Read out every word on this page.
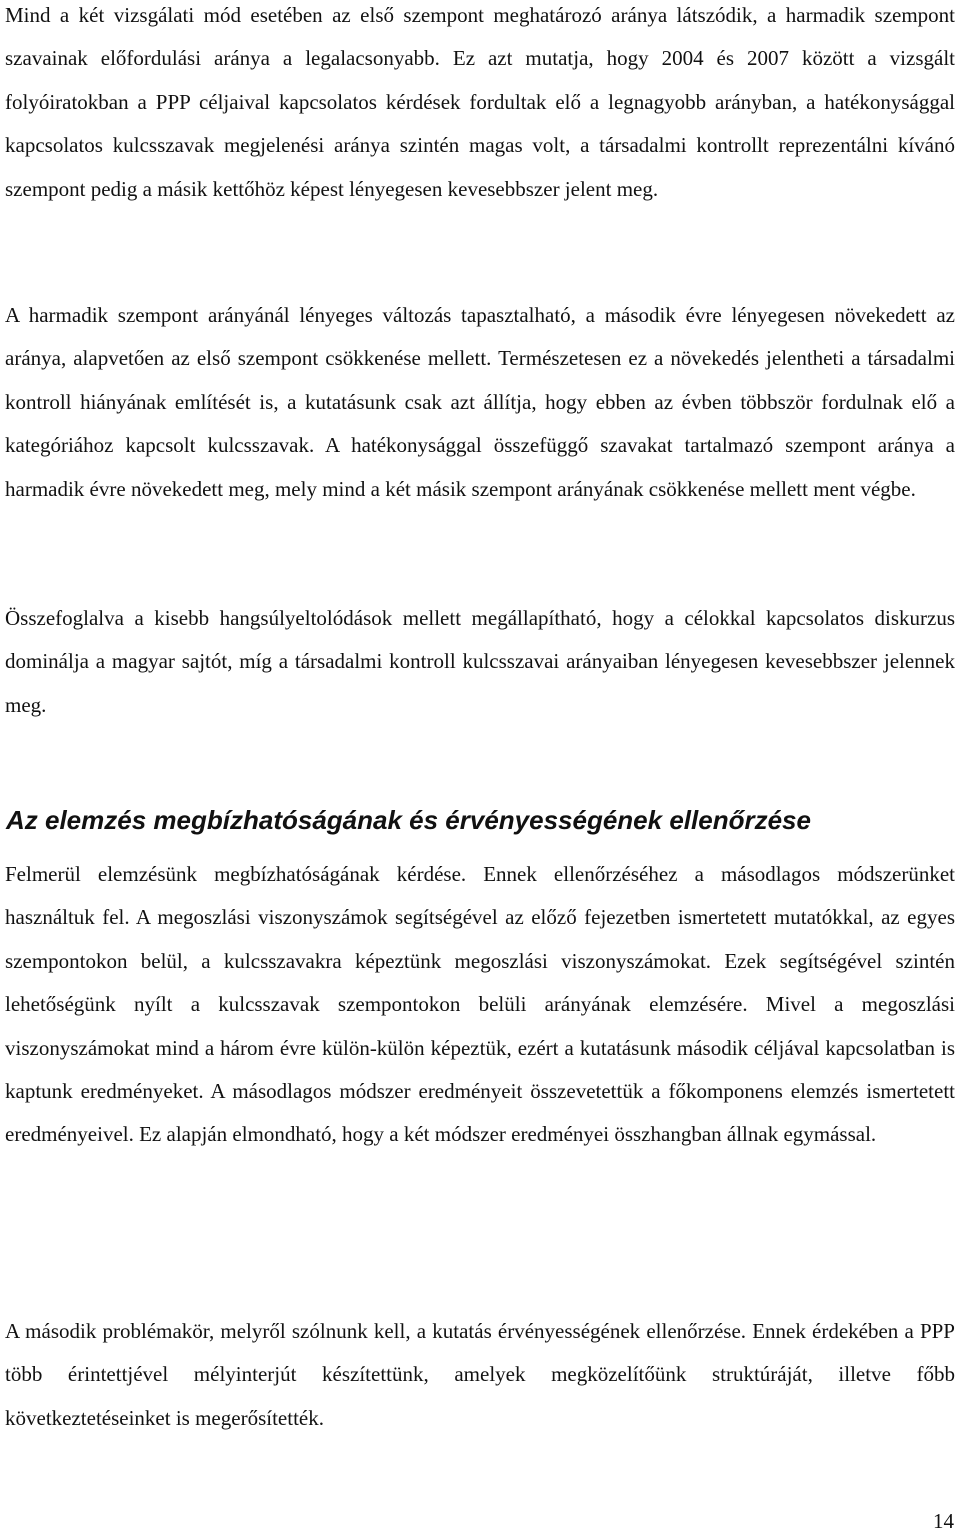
Mind a két vizsgálati mód esetében az első szempont meghatározó aránya látszódik, a harmadik szempont szavainak előfordulási aránya a legalacsonyabb. Ez azt mutatja, hogy 2004 és 2007 között a vizsgált folyóiratokban a PPP céljaival kapcsolatos kérdések fordultak elő a legnagyobb arányban, a hatékonysággal kapcsolatos kulcsszavak megjelenési aránya szintén magas volt, a társadalmi kontrollt reprezentálni kívánó szempont pedig a másik kettőhöz képest lényegesen kevesebbszer jelent meg.

A harmadik szempont arányánál lényeges változás tapasztalható, a második évre lényegesen növekedett az aránya, alapvetően az első szempont csökkenése mellett. Természetesen ez a növekedés jelentheti a társadalmi kontroll hiányának említését is, a kutatásunk csak azt állítja, hogy ebben az évben többször fordulnak elő a kategóriához kapcsolt kulcsszavak. A hatékonysággal összefüggő szavakat tartalmazó szempont aránya a harmadik évre növekedett meg, mely mind a két másik szempont arányának csökkenése mellett ment végbe.

Összefoglalva a kisebb hangsúlyeltolódások mellett megállapítható, hogy a célokkal kapcsolatos diskurzus dominálja a magyar sajtót, míg a társadalmi kontroll kulcsszavai arányaiban lényegesen kevesebbszer jelennek meg.

Az elemzés megbízhatóságának és érvényességének ellenőrzése

Felmerül elemzésünk megbízhatóságának kérdése. Ennek ellenőrzéséhez a másodlagos módszerünket használtuk fel. A megoszlási viszonyszámok segítségével az előző fejezetben ismertetett mutatókkal, az egyes szempontokon belül, a kulcsszavakra képeztünk megoszlási viszonyszámokat. Ezek segítségével szintén lehetőségünk nyílt a kulcsszavak szempontokon belüli arányának elemzésére. Mivel a megoszlási viszonyszámokat mind a három évre külön-külön képeztük, ezért a kutatásunk második céljával kapcsolatban is kaptunk eredményeket. A másodlagos módszer eredményeit összevetettük a főkomponens elemzés ismertetett eredményeivel. Ez alapján elmondható, hogy a két módszer eredményei összhangban állnak egymással.

A második problémakör, melyről szólnunk kell, a kutatás érvényességének ellenőrzése. Ennek érdekében a PPP több érintettjével mélyinterjút készítettünk, amelyek megközelítőünk struktúráját, illetve főbb következtetéseinket is megerősítették.

14
